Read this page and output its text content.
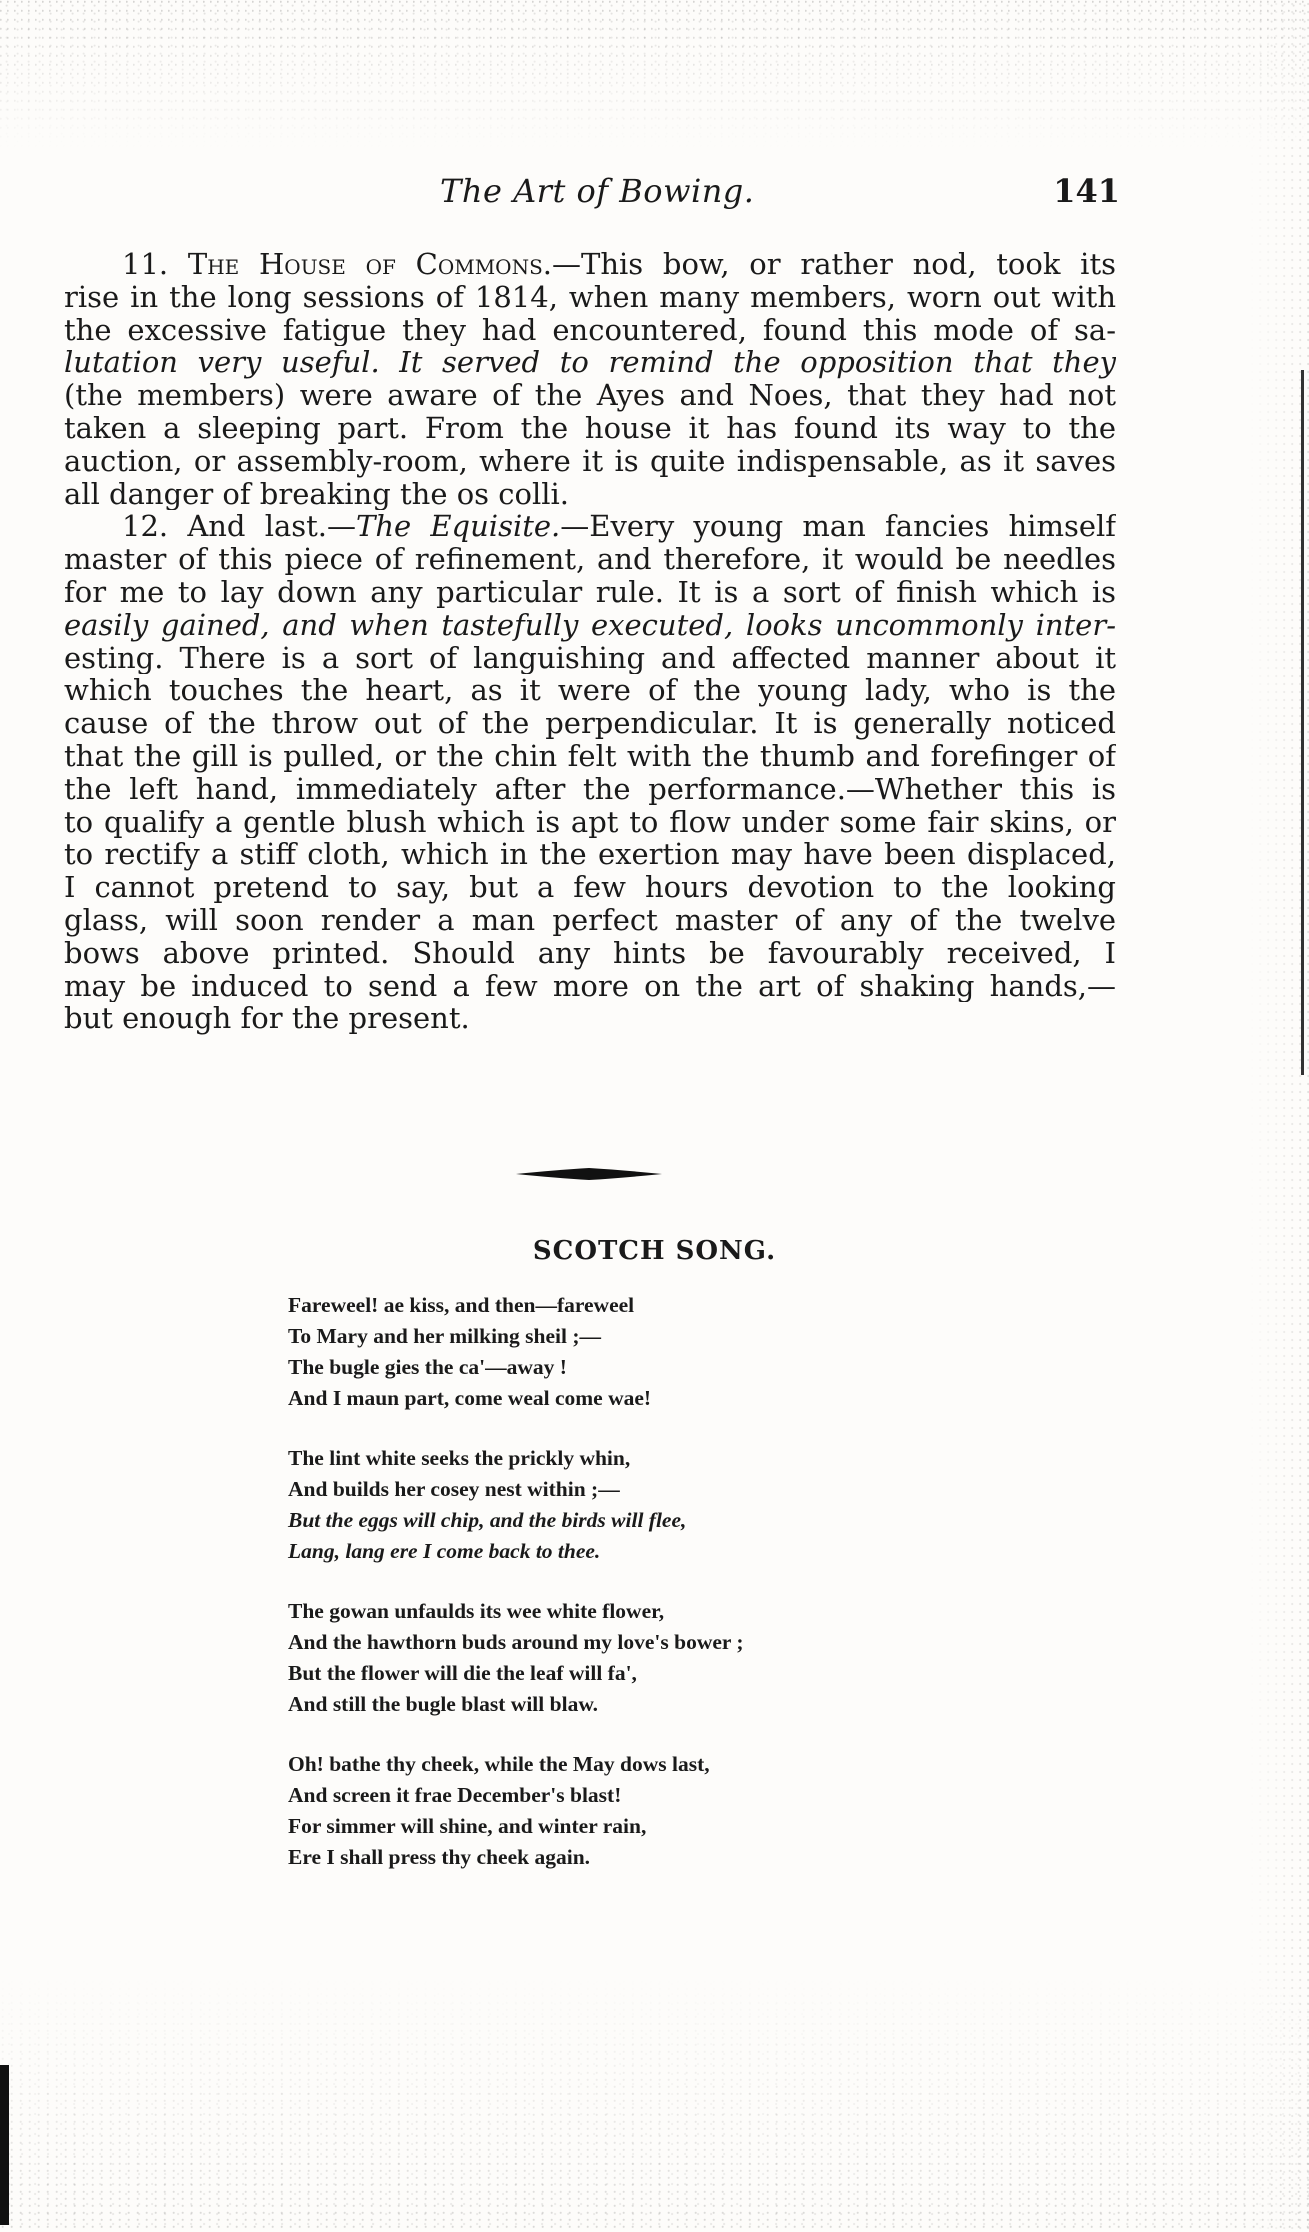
The Art of Bowing.	141
11. The House of Commons.—This bow, or rather nod, took its
rise in the long sessions of 1814, when many members, worn out with
the excessive fatigue they had encountered, found this mode of sa-
lutation very useful. It served to remind the opposition that they
(the members) were aware of the Ayes and Noes, that they had not
taken a sleeping part. From the house it has found its way to the
auction, or assembly-room, where it is quite indispensable, as it saves
all danger of breaking the os colli.
12. And last.—The Equisite.—Every young man fancies himself
master of this piece of refinement, and therefore, it would be needles
for me to lay down any particular rule. It is a sort of finish which is
easily gained, and when tastefully executed, looks uncommonly inter-
esting. There is a sort of languishing and affected manner about it
which touches the heart, as it were of the young lady, who is the
cause of the throw out of the perpendicular. It is generally noticed
that the gill is pulled, or the chin felt with the thumb and forefinger of
the left hand, immediately after the performance.—Whether this is
to qualify a gentle blush which is apt to flow under some fair skins, or
to rectify a stiff cloth, which in the exertion may have been displaced,
I cannot pretend to say, but a few hours devotion to the looking
glass, will soon render a man perfect master of any of the twelve
bows above printed. Should any hints be favourably received, I
may be induced to send a few more on the art of shaking hands,—
but enough for the present.
SCOTCH SONG.
Fareweel! ae kiss, and then—fareweel
To Mary and her milking sheil ;—
The bugle gies the ca'—away !
And I maun part, come weal come wae!
The lint white seeks the prickly whin,
And builds her cosey nest within ;—
But the eggs will chip, and the birds will flee,
Lang, lang ere I come back to thee.
The gowan unfaulds its wee white flower,
And the hawthorn buds around my love's bower ;
But the flower will die the leaf will fa',
And still the bugle blast will blaw.
Oh! bathe thy cheek, while the May dows last,
And screen it frae December's blast!
For simmer will shine, and winter rain,
Ere I shall press thy cheek again.
